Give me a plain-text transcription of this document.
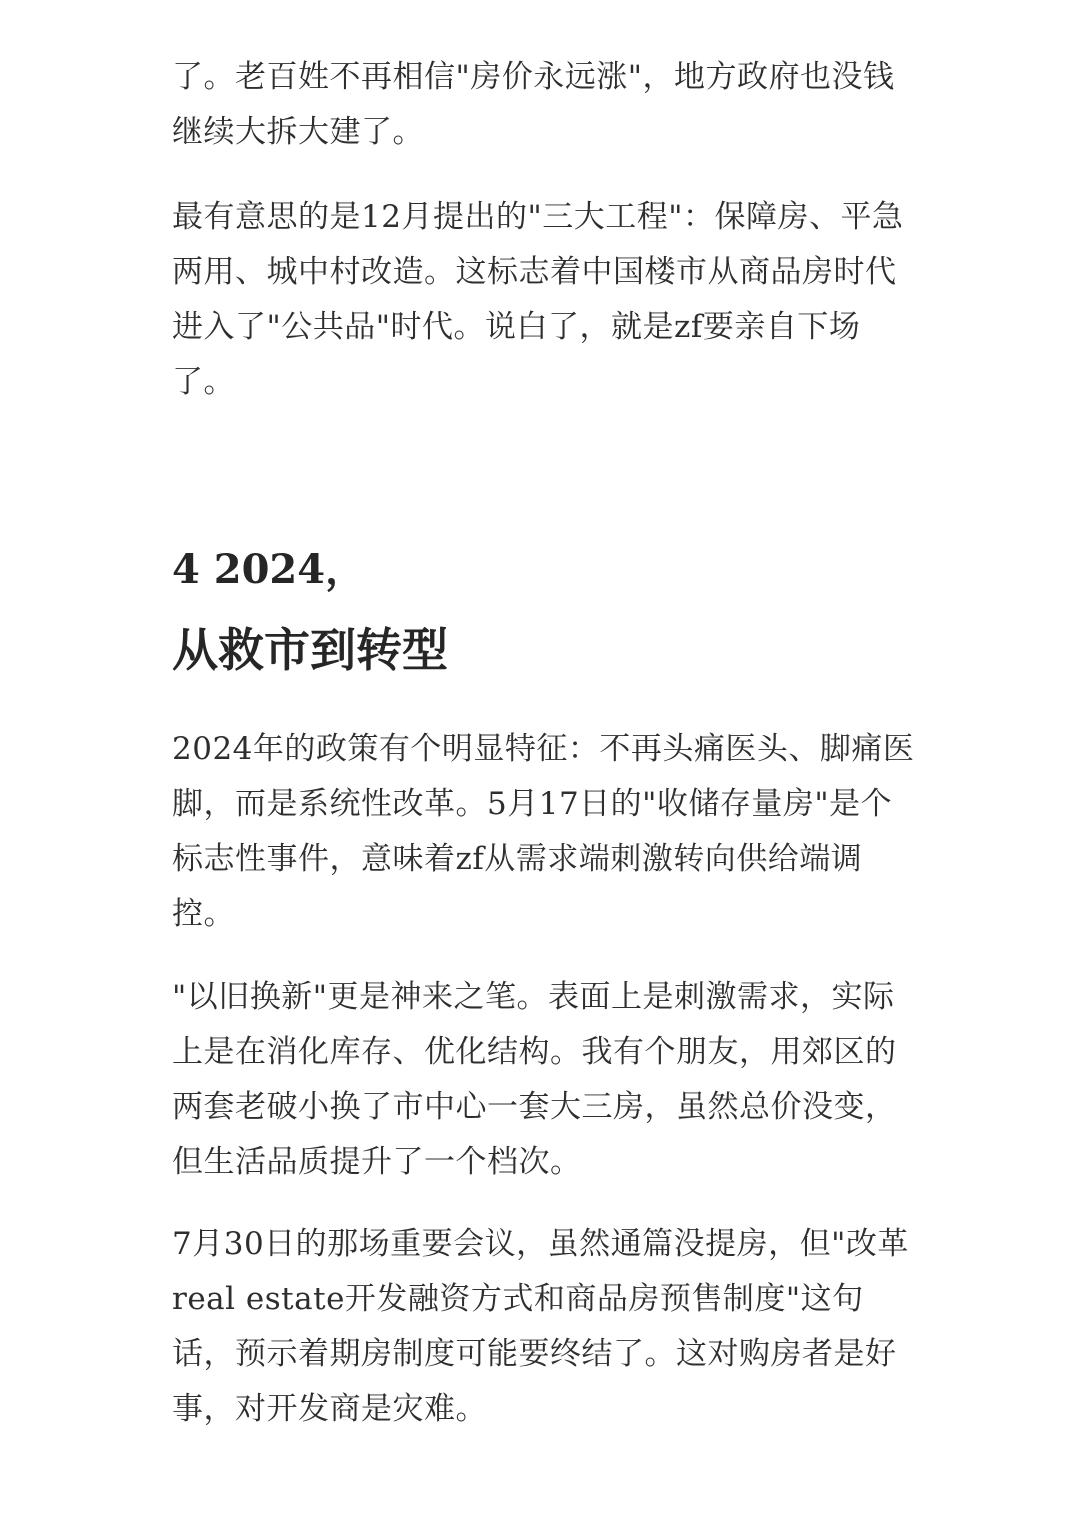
了。老百姓不再相信"房价永远涨"，地方政府也没钱继续大拆大建了。

最有意思的是12月提出的"三大工程"：保障房、平急两用、城中村改造。这标志着中国楼市从商品房时代进入了"公共品"时代。说白了，就是zf要亲自下场了。

4 2024，
从救市到转型

2024年的政策有个明显特征：不再头痛医头、脚痛医脚，而是系统性改革。5月17日的"收储存量房"是个标志性事件，意味着zf从需求端刺激转向供给端调控。

"以旧换新"更是神来之笔。表面上是刺激需求，实际上是在消化库存、优化结构。我有个朋友，用郊区的两套老破小换了市中心一套大三房，虽然总价没变，但生活品质提升了一个档次。

7月30日的那场重要会议，虽然通篇没提房，但"改革real estate开发融资方式和商品房预售制度"这句话，预示着期房制度可能要终结了。这对购房者是好事，对开发商是灾难。
